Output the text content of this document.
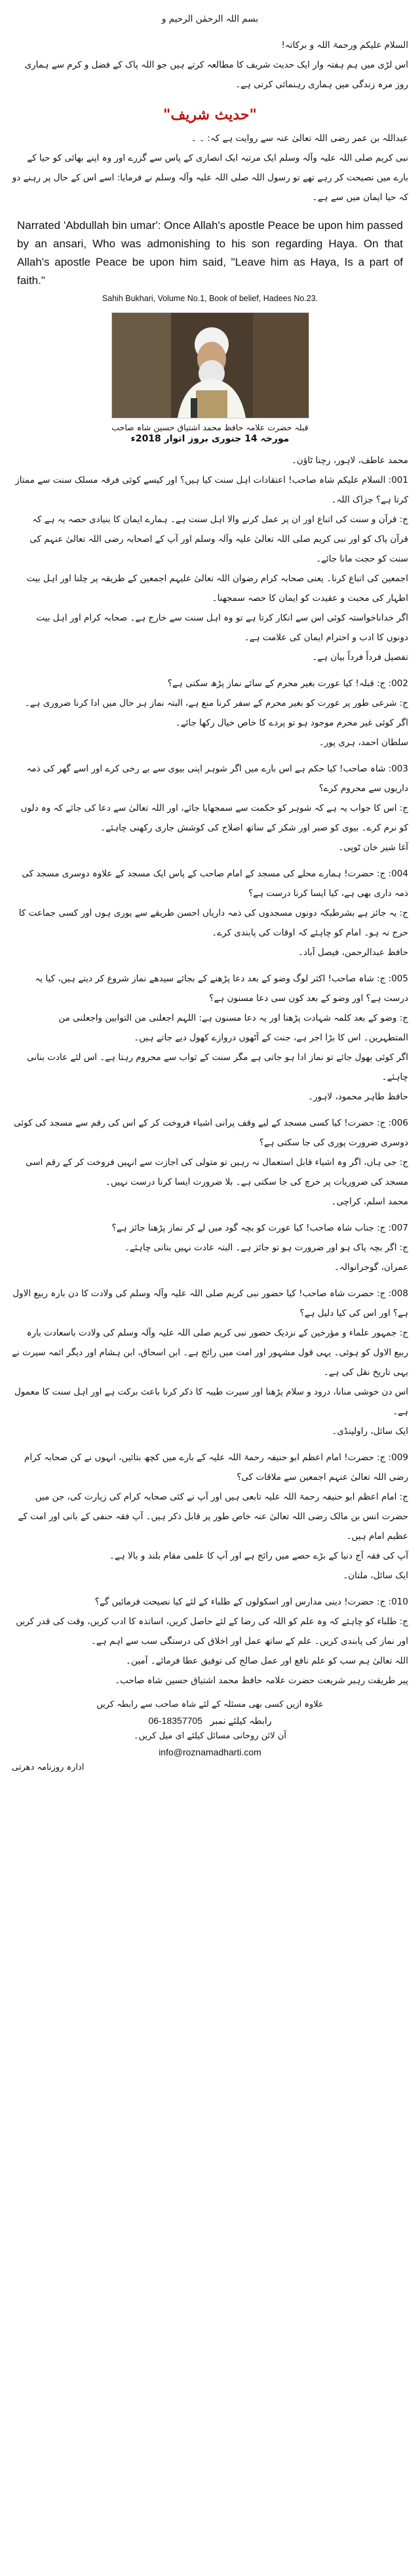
بسم اللہ الرحمٰن الرحیم و

السلام علیکم ورحمۃ اللہ و برکاتہ!

اس لڑی میں ہم ہفتہ وار ایک حدیث شریف کا مطالعہ کرتے ہیں جو اللہ پاک کے فضل و کرم سے ہماری روز مرہ زندگی میں ہماری رہنمائی کرتی ہے۔

"حدیث شریف"

عبداللہ بن عمر رضی اللہ تعالیٰ عنہ سے روایت ہے کہ: ۔ ۔

نبی کریم صلی اللہ علیہ وآلہ وسلم ایک مرتبہ ایک انصاری کے پاس سے گزرے اور وہ اپنے بھائی کو حیا کے

بارے میں نصیحت کر رہے تھے تو رسول اللہ صلی اللہ علیہ وآلہ وسلم نے فرمایا: اسے اس کے حال پر رہنے دو

کہ حیا ایمان میں سے ہے۔

Narrated 'Abdullah bin umar': Once Allah's apostle Peace be upon him passed by an ansari, Who was admonishing to his son regarding Haya. On that Allah's apostle Peace be upon him said, "Leave him as Haya, Is a part of faith."

Sahih Bukhari, Volume No.1, Book of belief, Hadees No.23.

قبلہ حضرت علامہ حافظ محمد اشتیاق حسین شاہ صاحب

مورخہ 14 جنوری بروز اتوار 2018ء

محمد عاطف، لاہور، رچنا ٹاؤن۔

001: السلام علیکم شاہ صاحب! اعتقادات اہل سنت کیا ہیں؟ اور کیسے کوئی فرقہ مسلک سنت سے ممتاز کرتا ہے؟ جزاک اللہ۔

ج: قرآن و سنت کی اتباع اور ان پر عمل کرنے والا اہل سنت ہے۔ ہمارے ایمان کا بنیادی حصہ یہ ہے کہ قرآن پاک کو اور نبی کریم صلی اللہ تعالیٰ علیہ وآلہ وسلم اور آپ کے اصحابہ رضی اللہ تعالیٰ عنہم کی سنت کو حجت مانا جائے۔

اجمعین کی اتباع کرنا۔ یعنی صحابہ کرام رضوان اللہ تعالیٰ علیہم اجمعین کے طریقہ پر چلنا اور اہل بیت اطہار کی محبت و عقیدت کو ایمان کا حصہ سمجھنا۔

اگر خداناخواستہ کوئی اس سے انکار کرتا ہے تو وہ اہل سنت سے خارج ہے۔ صحابہ کرام اور اہل بیت دونوں کا ادب و احترام ایمان کی علامت ہے۔

تفصیل فرداً فرداً بیان ہے۔

002: ج: قبلہ! کیا عورت بغیر محرم کے سائے نماز پڑھ سکتی ہے؟

ج: شرعی طور پر عورت کو بغیر محرم کے سفر کرنا منع ہے، البتہ نماز ہر حال میں ادا کرنا ضروری ہے۔ اگر کوئی غیر محرم موجود ہو تو پردے کا خاص خیال رکھا جائے۔

سلطان احمد، ہری پور۔

003: شاہ صاحب! کیا حکم ہے اس بارے میں اگر شوہر اپنی بیوی سے بے رخی کرے اور اسے گھر کی ذمہ داریوں سے محروم کرے؟

ج: اس کا جواب یہ ہے کہ شوہر کو حکمت سے سمجھایا جائے، اور اللہ تعالیٰ سے دعا کی جائے کہ وہ دلوں کو نرم کرے۔ بیوی کو صبر اور شکر کے ساتھ اصلاح کی کوشش جاری رکھنی چاہئے۔

آغا شیر خان ٹوپی۔

004: ج: حضرت! ہمارے محلے کی مسجد کے امام صاحب کے پاس ایک مسجد کے علاوہ دوسری مسجد کی ذمہ داری بھی ہے، کیا ایسا کرنا درست ہے؟

ج: یہ جائز ہے بشرطیکہ دونوں مسجدوں کی ذمہ داریاں احسن طریقے سے پوری ہوں اور کسی جماعت کا حرج نہ ہو۔ امام کو چاہئے کہ اوقات کی پابندی کرے۔

حافظ عبدالرحمن، فیصل آباد۔

005: ج: شاہ صاحب! اکثر لوگ وضو کے بعد دعا پڑھنے کے بجائے سیدھے نماز شروع کر دیتے ہیں، کیا یہ درست ہے؟ اور وضو کے بعد کون سی دعا مسنون ہے؟

ج: وضو کے بعد کلمہ شہادت پڑھنا اور یہ دعا مسنون ہے: اللہم اجعلنی من التوابین واجعلنی من المتطہرین۔ اس کا بڑا اجر ہے، جنت کے آٹھوں دروازے کھول دیے جاتے ہیں۔

اگر کوئی بھول جائے تو نماز ادا ہو جاتی ہے مگر سنت کے ثواب سے محروم رہتا ہے۔ اس لئے عادت بنانی چاہئے۔

حافظ طاہر محمود، لاہور۔

006: ج: حضرت! کیا کسی مسجد کے لیے وقف پرانی اشیاء فروخت کر کے اس کی رقم سے مسجد کی کوئی دوسری ضرورت پوری کی جا سکتی ہے؟

ج: جی ہاں، اگر وہ اشیاء قابل استعمال نہ رہیں تو متولی کی اجازت سے انہیں فروخت کر کے رقم اسی مسجد کی ضروریات پر خرچ کی جا سکتی ہے۔ بلا ضرورت ایسا کرنا درست نہیں۔

محمد اسلم، کراچی۔

007: ج: جناب شاہ صاحب! کیا عورت کو بچہ گود میں لے کر نماز پڑھنا جائز ہے؟

ج: اگر بچہ پاک ہو اور ضرورت ہو تو جائز ہے۔ البتہ عادت نہیں بنانی چاہئے۔

عمران، گوجرانوالہ۔

008: ج: حضرت شاہ صاحب! کیا حضور نبی کریم صلی اللہ علیہ وآلہ وسلم کی ولادت کا دن بارہ ربیع الاول ہے؟ اور اس کی کیا دلیل ہے؟

ج: جمہور علماء و مؤرخین کے نزدیک حضور نبی کریم صلی اللہ علیہ وآلہ وسلم کی ولادت باسعادت بارہ ربیع الاول کو ہوئی۔ یہی قول مشہور اور امت میں رائج ہے۔ ابن اسحاق، ابن ہشام اور دیگر ائمہ سیرت نے یہی تاریخ نقل کی ہے۔

اس دن خوشی منانا، درود و سلام پڑھنا اور سیرت طیبہ کا ذکر کرنا باعث برکت ہے اور اہل سنت کا معمول ہے۔

ایک سائل، راولپنڈی۔

009: ج: حضرت! امام اعظم ابو حنیفہ رحمۃ اللہ علیہ کے بارے میں کچھ بتائیں، انہوں نے کن صحابہ کرام رضی اللہ تعالیٰ عنہم اجمعین سے ملاقات کی؟

ج: امام اعظم ابو حنیفہ رحمۃ اللہ علیہ تابعی ہیں اور آپ نے کئی صحابہ کرام کی زیارت کی، جن میں حضرت انس بن مالک رضی اللہ تعالیٰ عنہ خاص طور پر قابل ذکر ہیں۔ آپ فقہ حنفی کے بانی اور امت کے عظیم امام ہیں۔

آپ کی فقہ آج دنیا کے بڑے حصے میں رائج ہے اور آپ کا علمی مقام بلند و بالا ہے۔

ایک سائل، ملتان۔

010: ج: حضرت! دینی مدارس اور اسکولوں کے طلباء کے لئے کیا نصیحت فرمائیں گے؟

ج: طلباء کو چاہئے کہ وہ علم کو اللہ کی رضا کے لئے حاصل کریں، اساتذہ کا ادب کریں، وقت کی قدر کریں اور نماز کی پابندی کریں۔ علم کے ساتھ عمل اور اخلاق کی درستگی سب سے اہم ہے۔

اللہ تعالیٰ ہم سب کو علم نافع اور عمل صالح کی توفیق عطا فرمائے۔ آمین۔

پیر طریقت رہبر شریعت حضرت علامہ حافظ محمد اشتیاق حسین شاہ صاحب۔

علاوہ ازیں کسی بھی مسئلہ کے لئے شاہ صاحب سے رابطہ کریں

06-18357705 رابطہ کیلئے نمبر

آن لائن روحانی مسائل کیلئے ای میل کریں۔

info@roznamadharti.com

ادارہ روزنامہ دھرتی
